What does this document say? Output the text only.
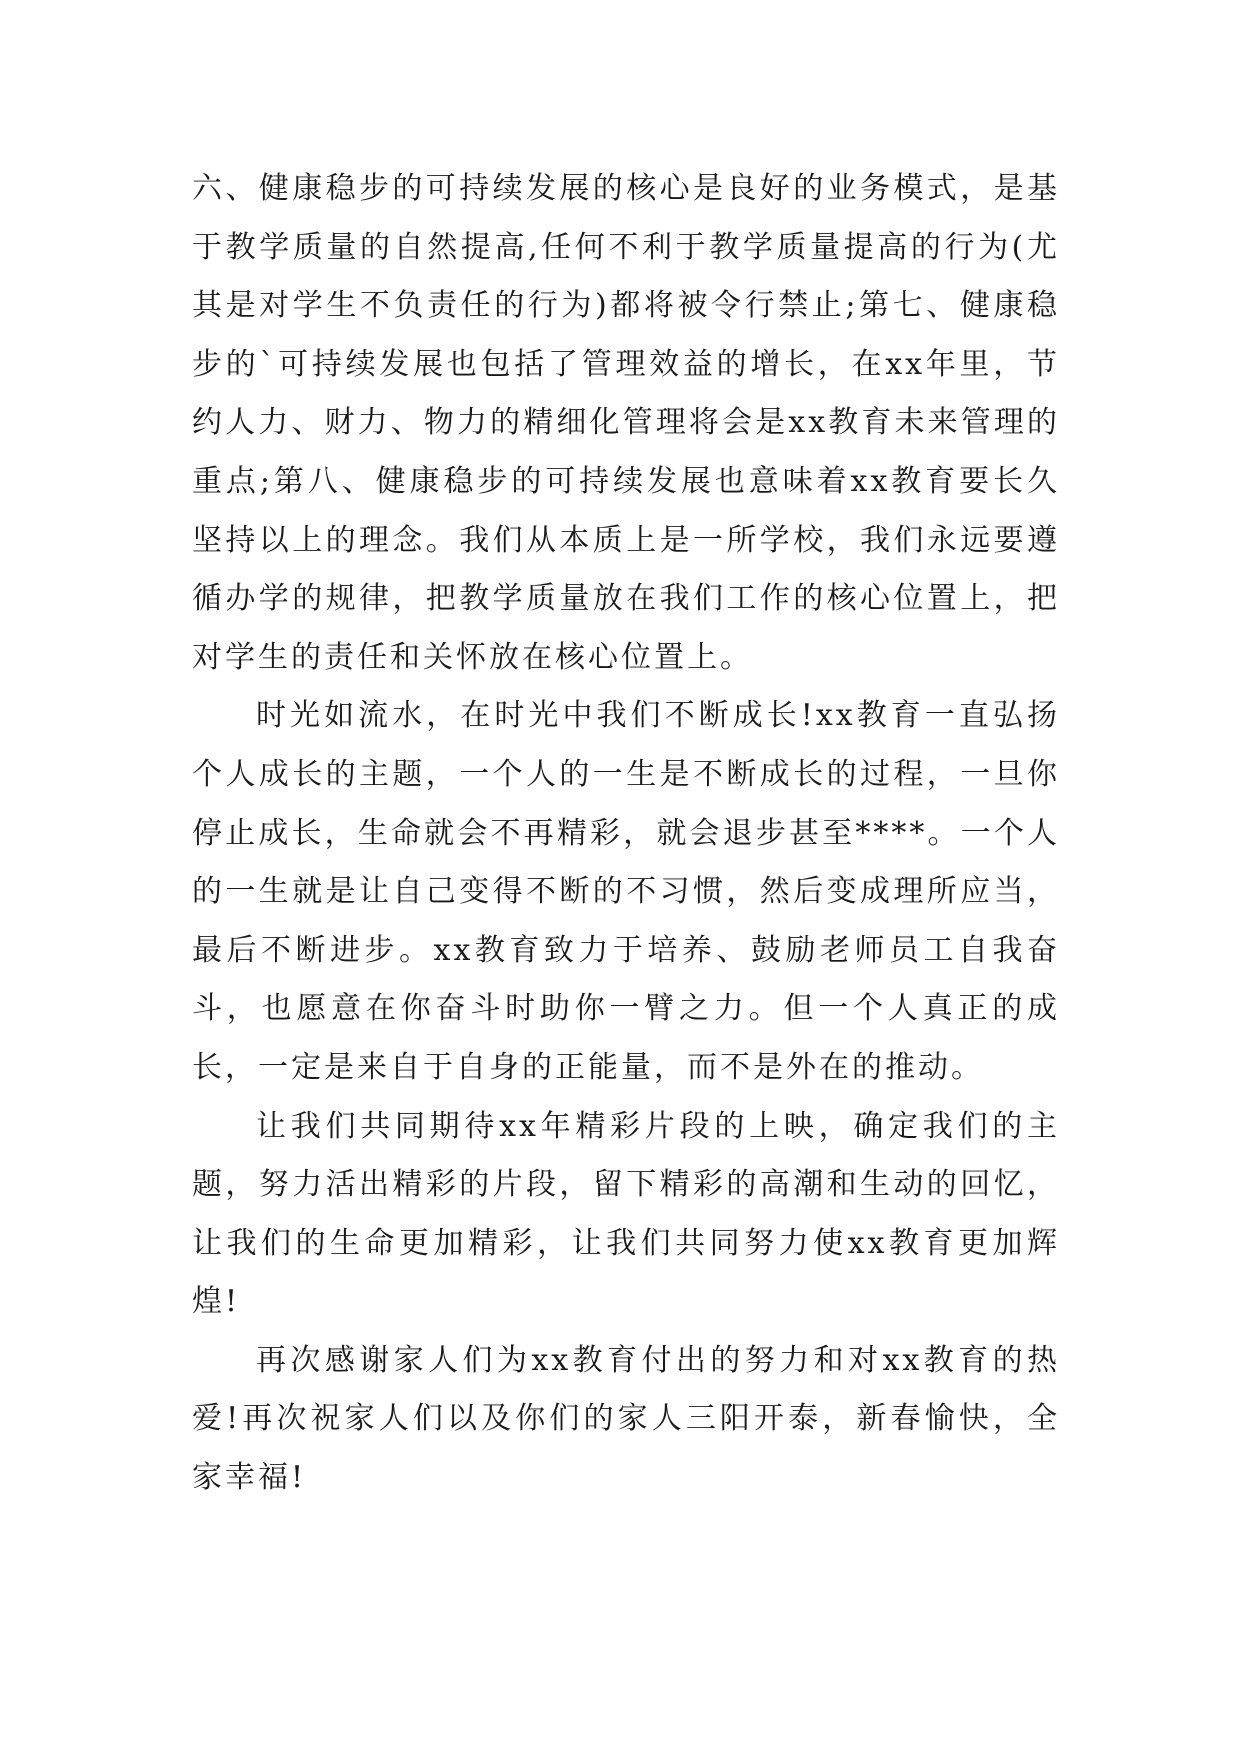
六、健康稳步的可持续发展的核心是良好的业务模式，是基于教学质量的自然提高,任何不利于教学质量提高的行为(尤其是对学生不负责任的行为)都将被令行禁止;第七、健康稳步的`可持续发展也包括了管理效益的增长，在xx年里，节约人力、财力、物力的精细化管理将会是xx教育未来管理的重点;第八、健康稳步的可持续发展也意味着xx教育要长久坚持以上的理念。我们从本质上是一所学校，我们永远要遵循办学的规律，把教学质量放在我们工作的核心位置上，把对学生的责任和关怀放在核心位置上。

时光如流水，在时光中我们不断成长!xx教育一直弘扬个人成长的主题，一个人的一生是不断成长的过程，一旦你停止成长，生命就会不再精彩，就会退步甚至****。一个人的一生就是让自己变得不断的不习惯，然后变成理所应当，最后不断进步。xx教育致力于培养、鼓励老师员工自我奋斗，也愿意在你奋斗时助你一臂之力。但一个人真正的成长，一定是来自于自身的正能量，而不是外在的推动。

让我们共同期待xx年精彩片段的上映，确定我们的主题，努力活出精彩的片段，留下精彩的高潮和生动的回忆，让我们的生命更加精彩，让我们共同努力使xx教育更加辉煌!

再次感谢家人们为xx教育付出的努力和对xx教育的热爱!再次祝家人们以及你们的家人三阳开泰，新春愉快，全家幸福!
